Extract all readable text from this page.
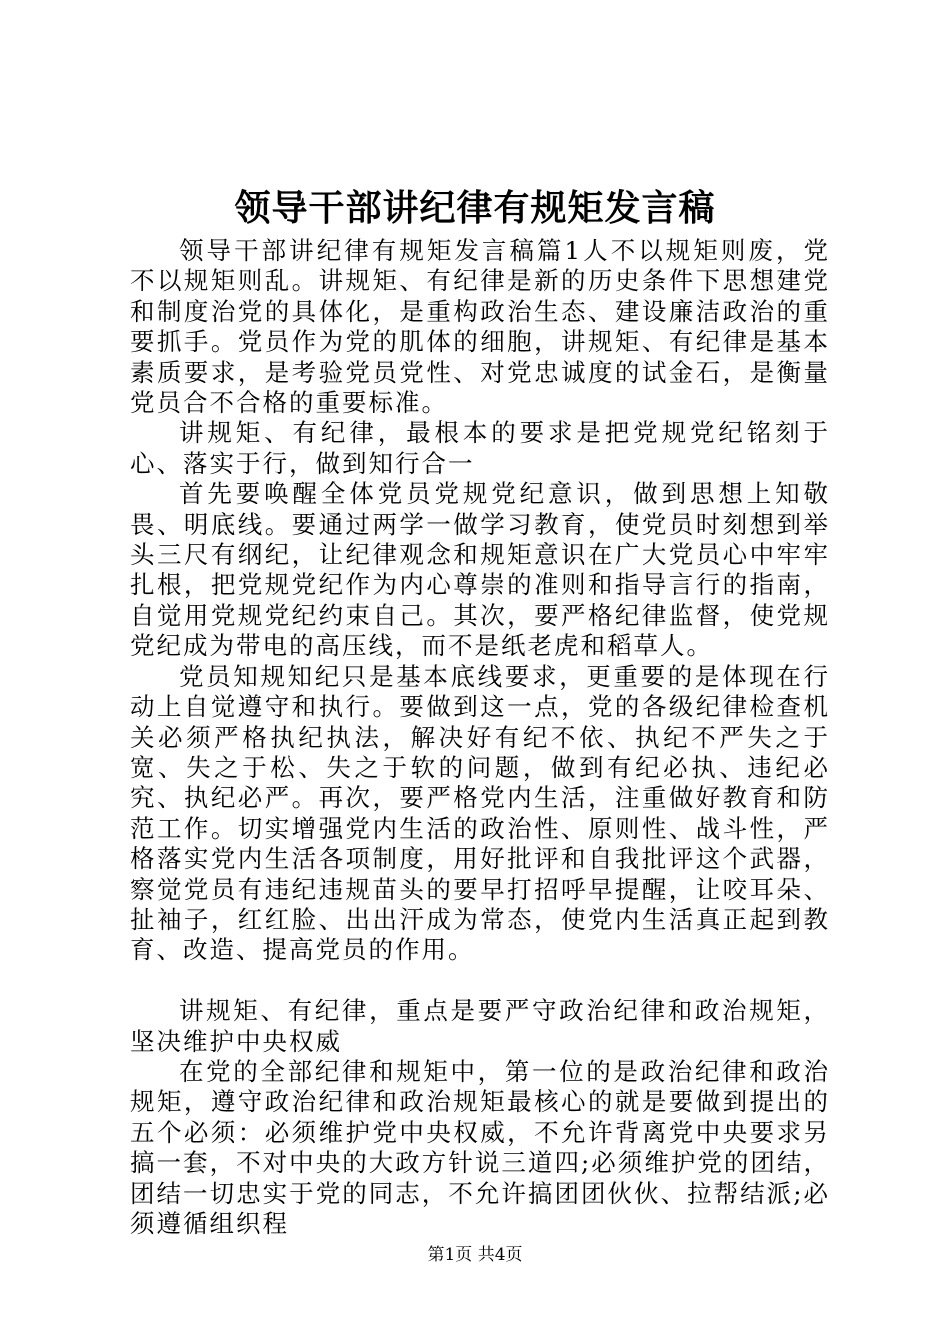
领导干部讲纪律有规矩发言稿

领导干部讲纪律有规矩发言稿篇1人不以规矩则废，党不以规矩则乱。讲规矩、有纪律是新的历史条件下思想建党和制度治党的具体化，是重构政治生态、建设廉洁政治的重要抓手。党员作为党的肌体的细胞，讲规矩、有纪律是基本素质要求，是考验党员党性、对党忠诚度的试金石，是衡量党员合不合格的重要标准。

讲规矩、有纪律，最根本的要求是把党规党纪铭刻于心、落实于行，做到知行合一

首先要唤醒全体党员党规党纪意识，做到思想上知敬畏、明底线。要通过两学一做学习教育，使党员时刻想到举头三尺有纲纪，让纪律观念和规矩意识在广大党员心中牢牢扎根，把党规党纪作为内心尊崇的准则和指导言行的指南，自觉用党规党纪约束自己。其次，要严格纪律监督，使党规党纪成为带电的高压线，而不是纸老虎和稻草人。

党员知规知纪只是基本底线要求，更重要的是体现在行动上自觉遵守和执行。要做到这一点，党的各级纪律检查机关必须严格执纪执法，解决好有纪不依、执纪不严失之于宽、失之于松、失之于软的问题，做到有纪必执、违纪必究、执纪必严。再次，要严格党内生活，注重做好教育和防范工作。切实增强党内生活的政治性、原则性、战斗性，严格落实党内生活各项制度，用好批评和自我批评这个武器，察觉党员有违纪违规苗头的要早打招呼早提醒，让咬耳朵、扯袖子，红红脸、出出汗成为常态，使党内生活真正起到教育、改造、提高党员的作用。

讲规矩、有纪律，重点是要严守政治纪律和政治规矩，坚决维护中央权威

在党的全部纪律和规矩中，第一位的是政治纪律和政治规矩，遵守政治纪律和政治规矩最核心的就是要做到提出的五个必须：必须维护党中央权威，不允许背离党中央要求另搞一套，不对中央的大政方针说三道四;必须维护党的团结，团结一切忠实于党的同志，不允许搞团团伙伙、拉帮结派;必须遵循组织程

第1页 共4页
